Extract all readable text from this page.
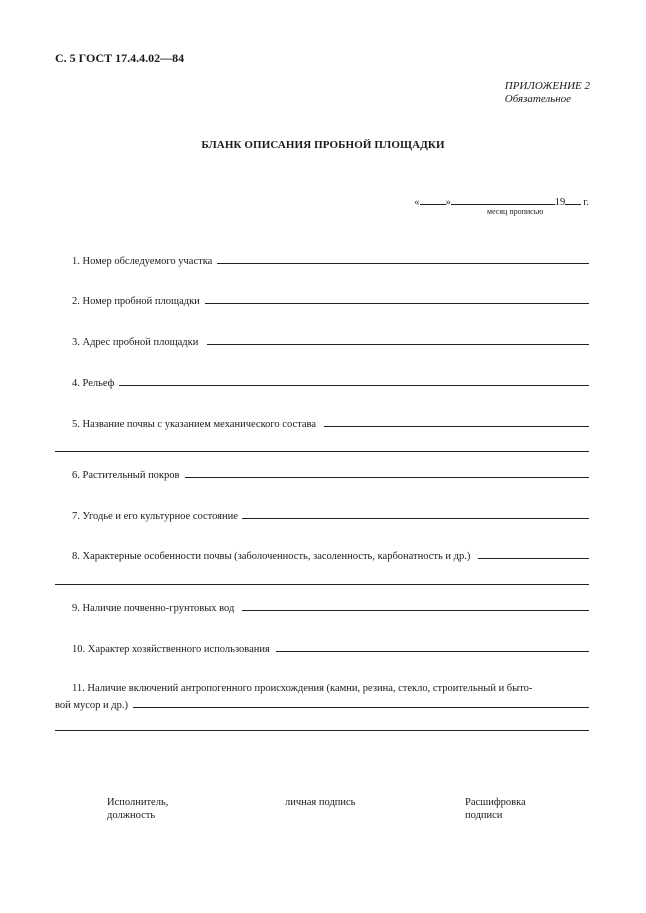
С. 5 ГОСТ 17.4.4.02—84
ПРИЛОЖЕНИЕ 2
Обязательное
БЛАНК ОПИСАНИЯ ПРОБНОЙ ПЛОЩАДКИ
« »	19 г.
месяц прописью
1. Номер обследуемого участка
2. Номер пробной площадки
3. Адрес пробной площадки
4. Рельеф
5. Название почвы с указанием механического состава
6. Растительный покров
7. Угодье и его культурное состояние
8. Характерные особенности почвы (заболоченность, засоленность, карбонатность и др.)
9. Наличие почвенно-грунтовых вод
10. Характер хозяйственного использования
11. Наличие включений антропогенного происхождения (камни, резина, стекло, строительный и быто-
вой мусор и др.)
Исполнитель,
должность
личная подпись	Расшифровка
подписи
